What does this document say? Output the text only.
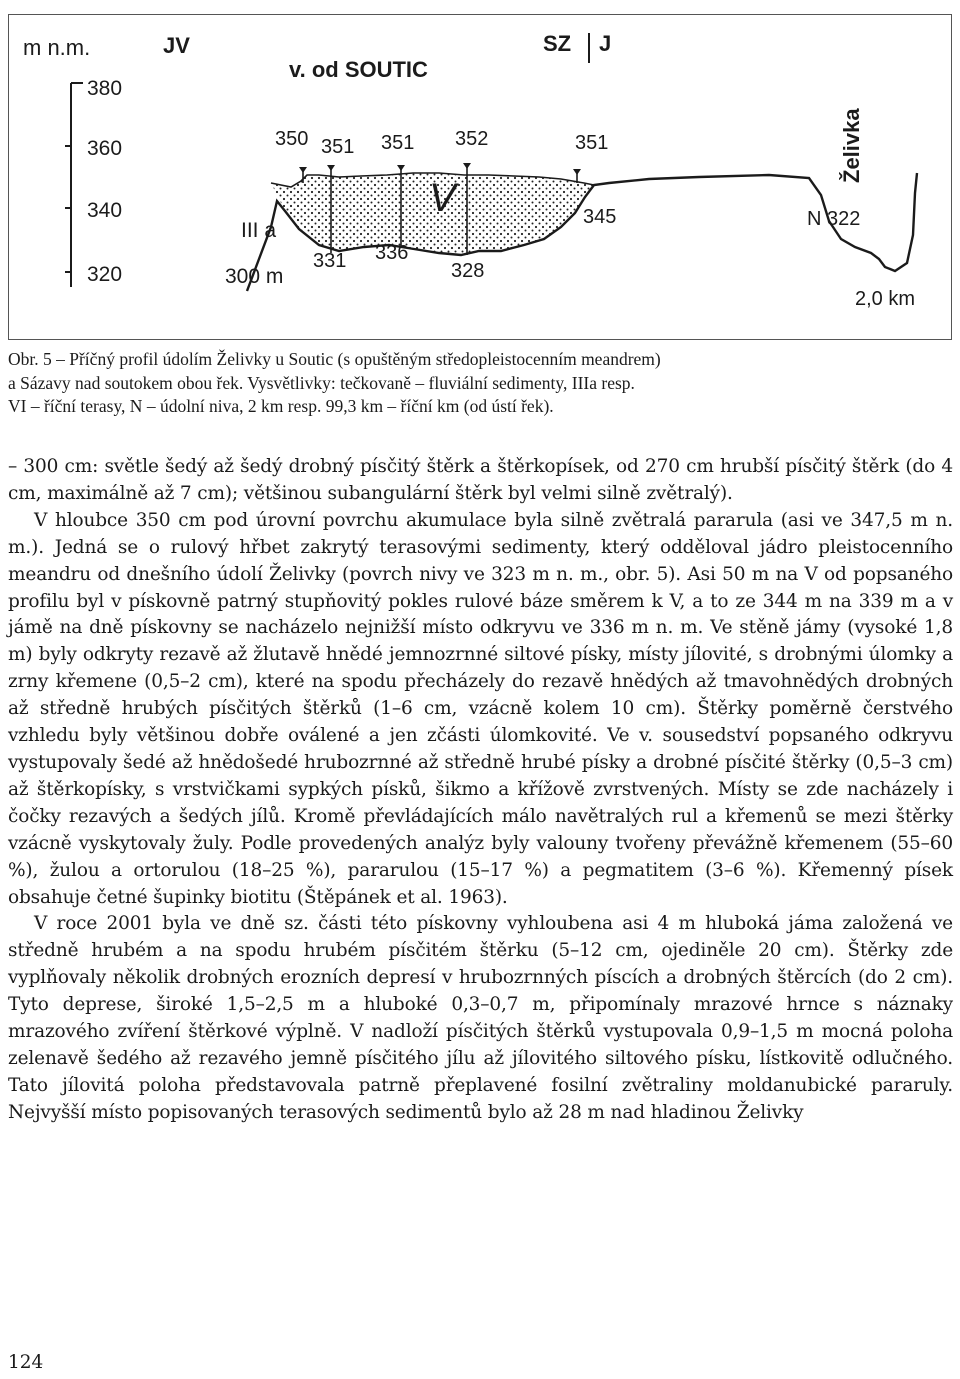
m n.m.	JV	SZ J
v. od SOUTIC
380
360
340
320
III a
300 m
350 351 351 352	351
331 336
328
V	345	N 322
2,0 km
Želivka

Obr. 5 – Příčný profil údolím Želivky u Soutic (s opuštěným středopleistocenním meandrem)

a Sázavy nad soutokem obou řek. Vysvětlivky: tečkovaně – fluviální sedimenty, IIIa resp.

VI – říční terasy, N – údolní niva, 2 km resp. 99,3 km – říční km (od ústí řek).

– 300 cm: světle šedý až šedý drobný písčitý štěrk a štěrkopísek, od 270 cm hrubší písčitý štěrk (do 4 cm, maximálně až 7 cm); většinou subangulární štěrk byl velmi silně zvětralý).

V hloubce 350 cm pod úrovní povrchu akumulace byla silně zvětralá pararula (asi ve 347,5 m n. m.). Jedná se o rulový hřbet zakrytý terasovými sedimenty, který odděloval jádro pleistocenního meandru od dnešního údolí Želivky (povrch nivy ve 323 m n. m., obr. 5). Asi 50 m na V od popsaného profilu byl v pískovně patrný stupňovitý pokles rulové báze směrem k V, a to ze 344 m na 339 m a v jámě na dně pískovny se nacházelo nejnižší místo odkryvu ve 336 m n. m. Ve stěně jámy (vysoké 1,8 m) byly odkryty rezavě až žlutavě hnědé jemnozrnné siltové písky, místy jílovité, s drobnými úlomky a zrny křemene (0,5–2 cm), které na spodu přecházely do rezavě hnědých až tmavohnědých drobných až středně hrubých písčitých štěrků (1–6 cm, vzácně kolem 10 cm). Štěrky poměrně čerstvého vzhledu byly většinou dobře oválené a jen zčásti úlomkovité. Ve v. sousedství popsaného odkryvu vystupovaly šedé až hnědošedé hrubozrnné až středně hrubé písky a drobné písčité štěrky (0,5–3 cm) až štěrkopísky, s vrstvičkami sypkých písků, šikmo a křížově zvrstvených. Místy se zde nacházely i čočky rezavých a šedých jílů. Kromě převládajících málo navětralých rul a křemenů se mezi štěrky vzácně vyskytovaly žuly. Podle provedených analýz byly valouny tvořeny převážně křemenem (55–60 %), žulou a ortorulou (18–25 %), pararulou (15–17 %) a pegmatitem (3–6 %). Křemenný písek obsahuje četné šupinky biotitu (Štěpánek et al. 1963).

V roce 2001 byla ve dně sz. části této pískovny vyhloubena asi 4 m hluboká jáma založená ve středně hrubém a na spodu hrubém písčitém štěrku (5–12 cm, ojediněle 20 cm). Štěrky zde vyplňovaly několik drobných erozních depresí v hrubozrnných píscích a drobných štěrcích (do 2 cm). Tyto deprese, široké 1,5–2,5 m a hluboké 0,3–0,7 m, připomínaly mrazové hrnce s náznaky mrazového zvíření štěrkové výplně. V nadloží písčitých štěrků vystupovala 0,9–1,5 m mocná poloha zelenavě šedého až rezavého jemně písčitého jílu až jílovitého siltového písku, lístkovitě odlučného. Tato jílovitá poloha představovala patrně přeplavené fosilní zvětraliny moldanubické pararuly. Nejvyšší místo popisovaných terasových sedimentů bylo až 28 m nad hladinou Želivky

124
